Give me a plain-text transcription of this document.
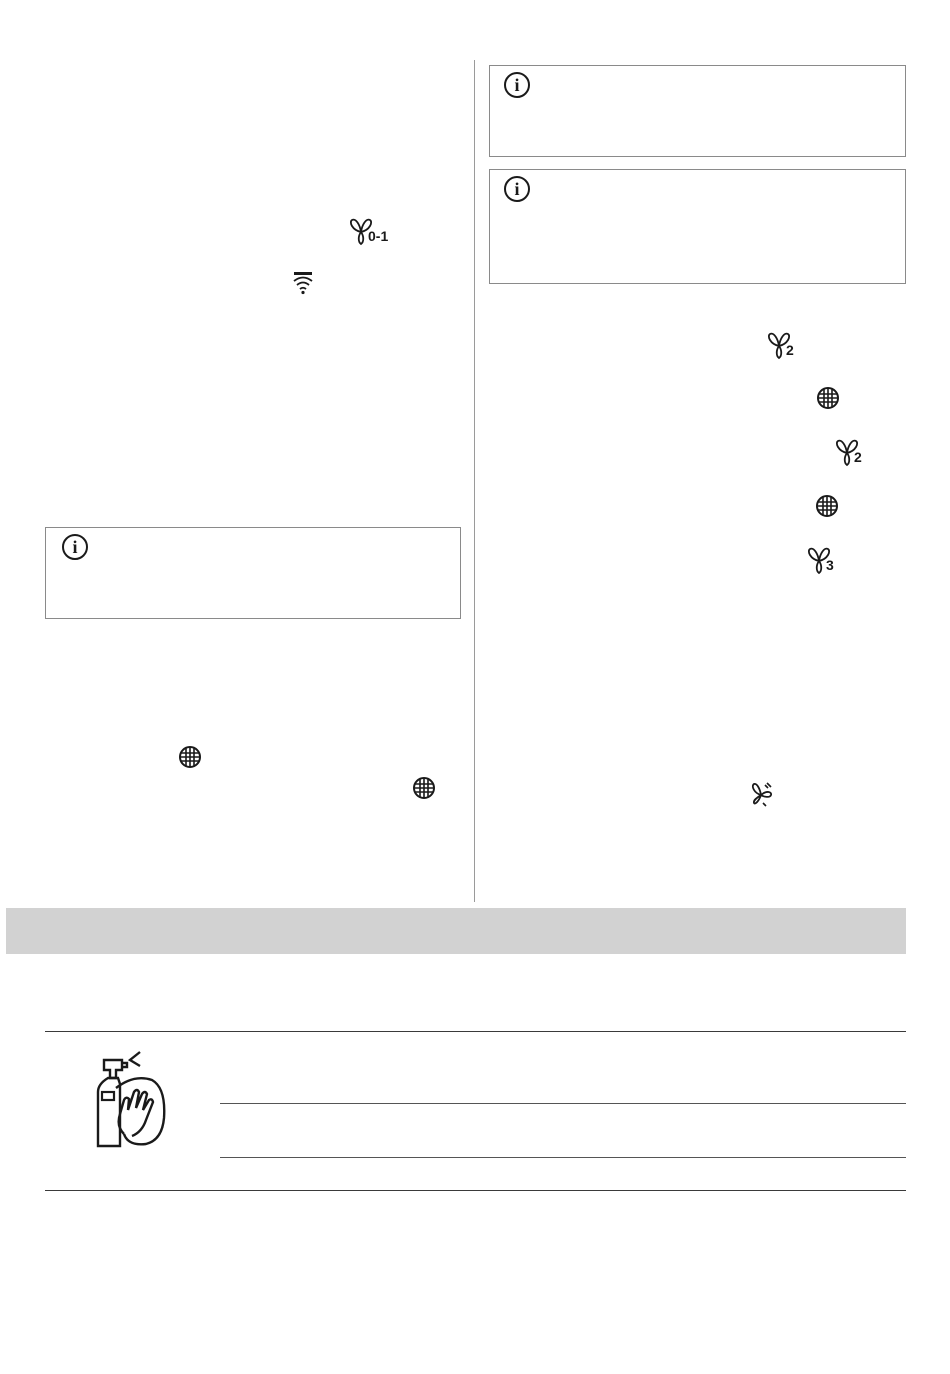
0-1
i
i
i
2
2
3
